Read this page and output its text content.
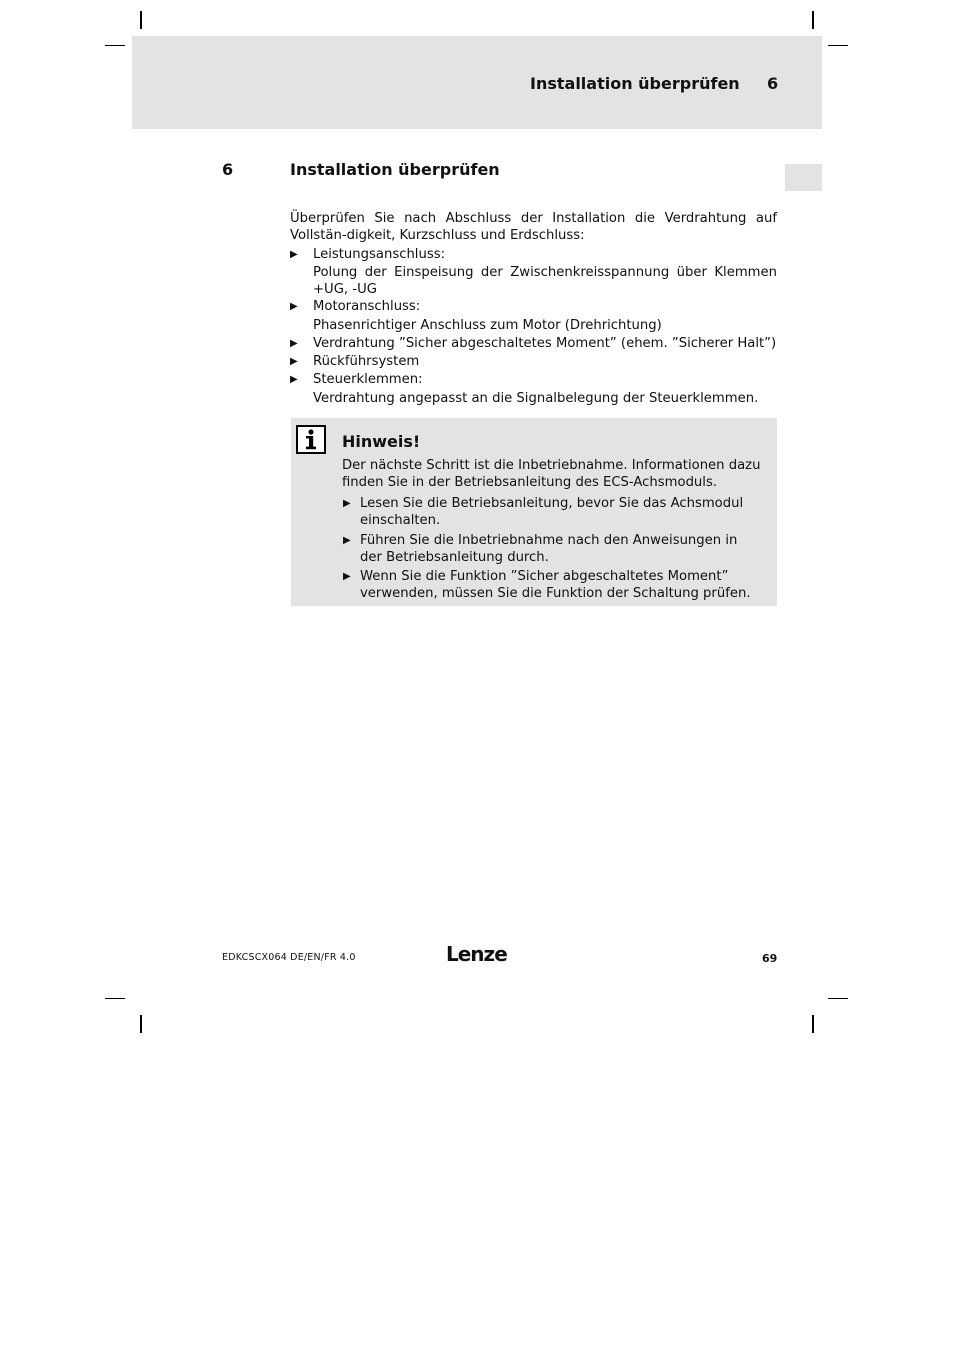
Installation überprüfen 6
6	Installation überprüfen
Überprüfen Sie nach Abschluss der Installation die Verdrahtung auf Vollstän-digkeit, Kurzschluss und Erdschluss:
▶ Leistungsanschluss:
Polung der Einspeisung der Zwischenkreisspannung über Klemmen +UG, -UG
▶ Motoranschluss:
Phasenrichtiger Anschluss zum Motor (Drehrichtung)
▶ Verdrahtung ”Sicher abgeschaltetes Moment” (ehem. ”Sicherer Halt”)
▶ Rückführsystem
▶ Steuerklemmen:
Verdrahtung angepasst an die Signalbelegung der Steuerklemmen.
Hinweis!
Der nächste Schritt ist die Inbetriebnahme. Informationen dazu finden Sie in der Betriebsanleitung des ECS-Achsmoduls.
▶ Lesen Sie die Betriebsanleitung, bevor Sie das Achsmodul einschalten.
▶ Führen Sie die Inbetriebnahme nach den Anweisungen in der Betriebsanleitung durch.
▶ Wenn Sie die Funktion ”Sicher abgeschaltetes Moment” verwenden, müssen Sie die Funktion der Schaltung prüfen.
EDKCSCX064 DE/EN/FR 4.0	Lenze	69
